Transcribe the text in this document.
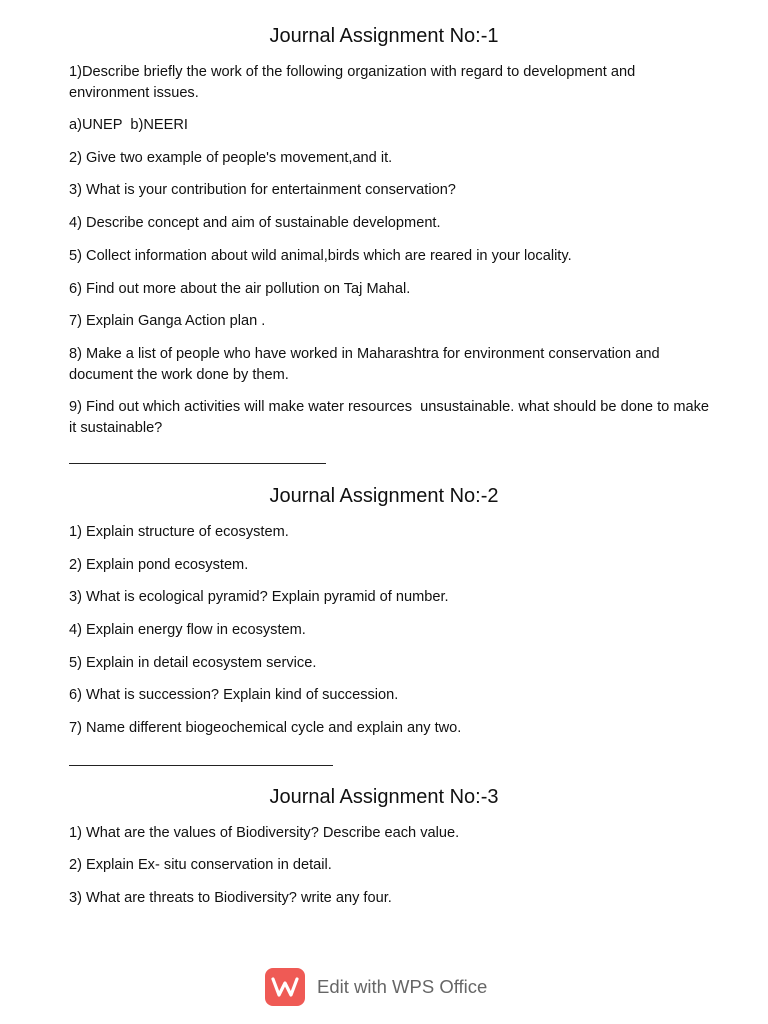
Journal Assignment No:-1
1)Describe briefly the work of the following organization with regard to development and environment issues.
a)UNEP  b)NEERI
2) Give two example of people's movement,and it.
3) What is your contribution for entertainment conservation?
4) Describe concept and aim of sustainable development.
5) Collect information about wild animal,birds which are reared in your locality.
6) Find out more about the air pollution on Taj Mahal.
7) Explain Ganga Action plan .
8) Make a list of people who have worked in Maharashtra for environment conservation and document the work done by them.
9) Find out which activities will make water resources  unsustainable. what should be done to make it sustainable?
Journal Assignment No:-2
1) Explain structure of ecosystem.
2) Explain pond ecosystem.
3) What is ecological pyramid? Explain pyramid of number.
4) Explain energy flow in ecosystem.
5) Explain in detail ecosystem service.
6) What is succession? Explain kind of succession.
7) Name different biogeochemical cycle and explain any two.
Journal Assignment No:-3
1) What are the values of Biodiversity? Describe each value.
2) Explain Ex- situ conservation in detail.
3) What are threats to Biodiversity? write any four.
Edit with WPS Office
